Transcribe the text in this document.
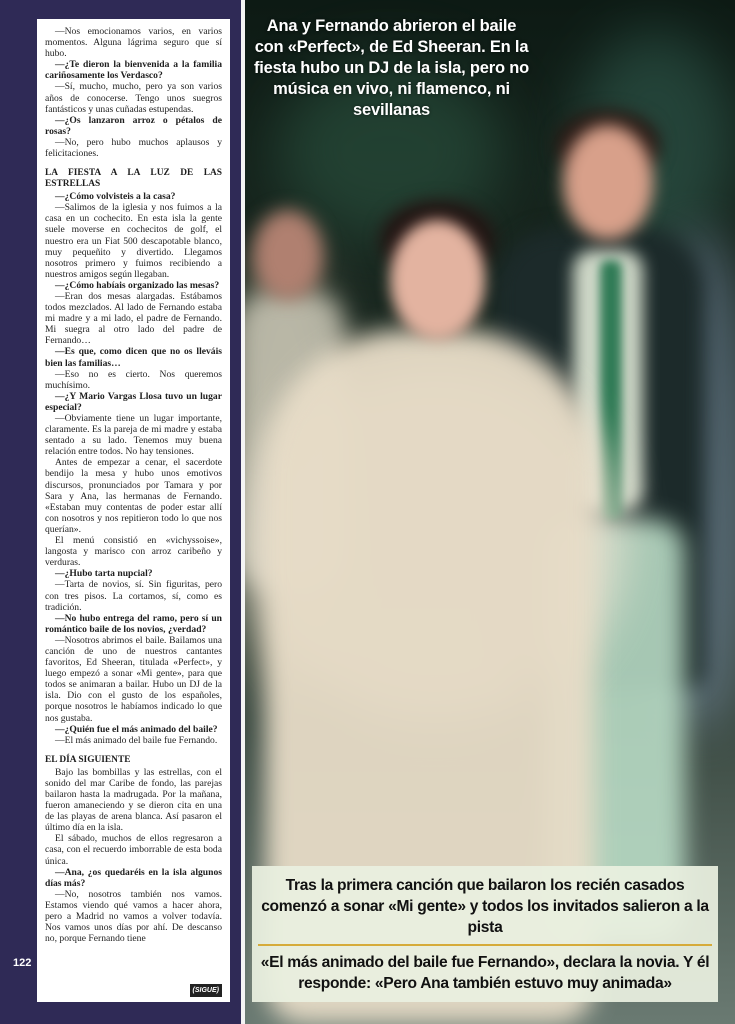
122

—Nos emocionamos varios, en varios momentos. Alguna lágrima seguro que sí hubo.

—¿Te dieron la bienvenida a la familia cariñosamente los Verdasco?

—Sí, mucho, mucho, pero ya son varios años de conocerse. Tengo unos suegros fantásticos y unas cuñadas estupendas.

—¿Os lanzaron arroz o pétalos de rosas?

—No, pero hubo muchos aplausos y felicitaciones.

LA FIESTA A LA LUZ DE LAS ESTRELLAS

—¿Cómo volvisteis a la casa?

—Salimos de la iglesia y nos fuimos a la casa en un cochecito. En esta isla la gente suele moverse en cochecitos de golf, el nuestro era un Fiat 500 descapotable blanco, muy pequeñito y divertido. Llegamos nosotros primero y fuimos recibiendo a nuestros amigos según llegaban.

—¿Cómo habíais organizado las mesas?

—Eran dos mesas alargadas. Estábamos todos mezclados. Al lado de Fernando estaba mi madre y a mi lado, el padre de Fernando. Mi suegra al otro lado del padre de Fernando…

—Es que, como dicen que no os lleváis bien las familias…

—Eso no es cierto. Nos queremos muchísimo.

—¿Y Mario Vargas Llosa tuvo un lugar especial?

—Obviamente tiene un lugar importante, claramente. Es la pareja de mi madre y estaba sentado a su lado. Tenemos muy buena relación entre todos. No hay tensiones.

Antes de empezar a cenar, el sacerdote bendijo la mesa y hubo unos emotivos discursos, pronunciados por Tamara y por Sara y Ana, las hermanas de Fernando. «Estaban muy contentas de poder estar allí con nosotros y nos repitieron todo lo que nos querían».

El menú consistió en «vichyssoise», langosta y marisco con arroz caribeño y verduras.

—¿Hubo tarta nupcial?

—Tarta de novios, sí. Sin figuritas, pero con tres pisos. La cortamos, sí, como es tradición.

—No hubo entrega del ramo, pero sí un romántico baile de los novios, ¿verdad?

—Nosotros abrimos el baile. Bailamos una canción de uno de nuestros cantantes favoritos, Ed Sheeran, titulada «Perfect», y luego empezó a sonar «Mi gente», para que todos se animaran a bailar. Hubo un DJ de la isla. Dio con el gusto de los españoles, porque nosotros le habíamos indicado lo que nos gustaba.

—¿Quién fue el más animado del baile?

—El más animado del baile fue Fernando.

EL DÍA SIGUIENTE

Bajo las bombillas y las estrellas, con el sonido del mar Caribe de fondo, las parejas bailaron hasta la madrugada. Por la mañana, fueron amaneciendo y se dieron cita en una de las playas de arena blanca. Así pasaron el último día en la isla.

El sábado, muchos de ellos regresaron a casa, con el recuerdo imborrable de esta boda única.

—Ana, ¿os quedaréis en la isla algunos días más?

—No, nosotros también nos vamos. Estamos viendo qué vamos a hacer ahora, pero a Madrid no vamos a volver todavía. Nos vamos unos días por ahí. De descanso no, porque Fernando tiene

(SIGUE)
Ana y Fernando abrieron el baile con «Perfect», de Ed Sheeran. En la fiesta hubo un DJ de la isla, pero no música en vivo, ni flamenco, ni sevillanas
Tras la primera canción que bailaron los recién casados comenzó a sonar «Mi gente» y todos los invitados salieron a la pista
«El más animado del baile fue Fernando», declara la novia. Y él responde: «Pero Ana también estuvo muy animada»
